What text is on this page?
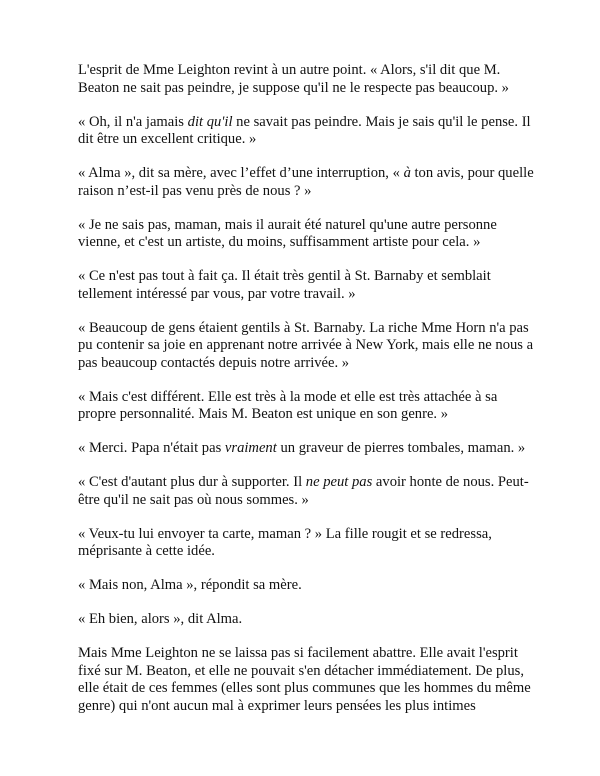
L'esprit de Mme Leighton revint à un autre point. « Alors, s'il dit que M. Beaton ne sait pas peindre, je suppose qu'il ne le respecte pas beaucoup. »

« Oh, il n'a jamais dit qu'il ne savait pas peindre. Mais je sais qu'il le pense. Il dit être un excellent critique. »

« Alma », dit sa mère, avec l’effet d’une interruption, « à ton avis, pour quelle raison n’est-il pas venu près de nous ? »

« Je ne sais pas, maman, mais il aurait été naturel qu'une autre personne vienne, et c'est un artiste, du moins, suffisamment artiste pour cela. »

« Ce n'est pas tout à fait ça. Il était très gentil à St. Barnaby et semblait tellement intéressé par vous, par votre travail. »

« Beaucoup de gens étaient gentils à St. Barnaby. La riche Mme Horn n'a pas pu contenir sa joie en apprenant notre arrivée à New York, mais elle ne nous a pas beaucoup contactés depuis notre arrivée. »

« Mais c'est différent. Elle est très à la mode et elle est très attachée à sa propre personnalité. Mais M. Beaton est unique en son genre. »

« Merci. Papa n'était pas vraiment un graveur de pierres tombales, maman. »

« C'est d'autant plus dur à supporter. Il ne peut pas avoir honte de nous. Peut-être qu'il ne sait pas où nous sommes. »

« Veux-tu lui envoyer ta carte, maman ? » La fille rougit et se redressa, méprisante à cette idée.

« Mais non, Alma », répondit sa mère.

« Eh bien, alors », dit Alma.

Mais Mme Leighton ne se laissa pas si facilement abattre. Elle avait l'esprit fixé sur M. Beaton, et elle ne pouvait s'en détacher immédiatement. De plus, elle était de ces femmes (elles sont plus communes que les hommes du même genre) qui n'ont aucun mal à exprimer leurs pensées les plus intimes
